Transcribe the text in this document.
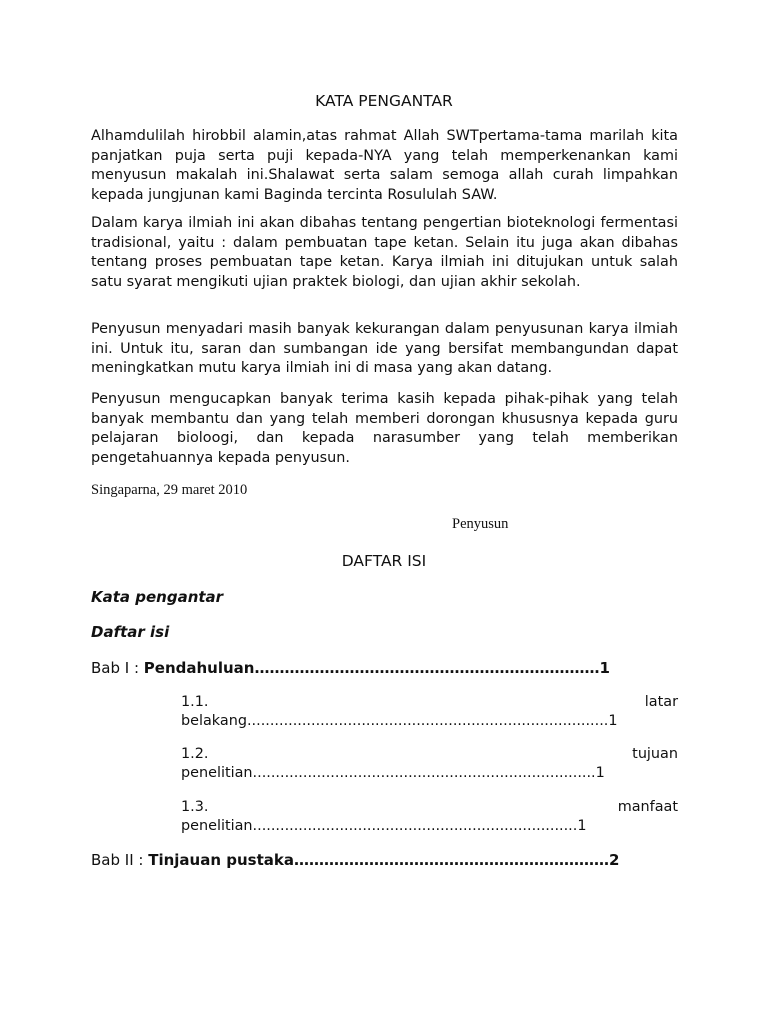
KATA PENGANTAR

Alhamdulilah hirobbil alamin,atas rahmat Allah SWTpertama-tama marilah kita panjatkan puja serta puji kepada-NYA yang telah memperkenankan kami menyusun makalah ini.Shalawat serta salam semoga allah curah limpahkan kepada jungjunan kami Baginda tercinta Rosululah SAW.

Dalam karya ilmiah ini akan dibahas tentang pengertian bioteknologi fermentasi tradisional, yaitu : dalam pembuatan tape ketan. Selain itu juga akan dibahas tentang proses pembuatan tape ketan. Karya ilmiah ini ditujukan untuk salah satu syarat mengikuti ujian praktek biologi, dan ujian akhir sekolah.

Penyusun menyadari masih banyak kekurangan dalam penyusunan karya ilmiah ini. Untuk itu, saran dan sumbangan ide yang bersifat membangundan dapat meningkatkan mutu karya ilmiah ini di masa yang akan datang.

Penyusun mengucapkan banyak terima kasih kepada pihak-pihak yang telah banyak membantu dan yang telah memberi dorongan khususnya kepada guru pelajaran bioloogi, dan kepada narasumber yang telah memberikan pengetahuannya kepada penyusun.

Singaparna, 29 maret 2010
Penyusun
DAFTAR ISI
Kata pengantar
Daftar isi
Bab I : Pendahuluan……………………………………………………………1
1.1.	latar
belakang...............................................................................1
1.2.	tujuan
penelitian...........................................................................1
1.3.	manfaat
penelitian.......................................................................1
Bab II : Tinjauan pustaka………………………………………………………2
